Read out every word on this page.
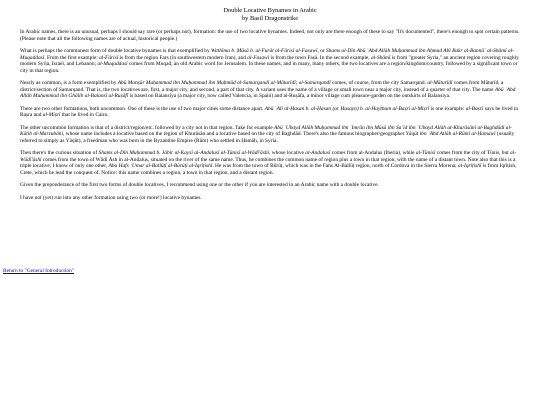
Double Locative Bynames in Arabic
by Basil Dragonstrike

In Arabic names, there is an unusual, perhaps I should say rare (or perhaps not), formation: the use of two locative bynames. Indeed, not only are there enough of these to say "It's documented", there's enough to spot certain patterns. (Please note that all the following names are of actual, historical people.)

What is perhaps the commonest form of double locative bynames is that exemplified by Wathīma b. Mūsā b. al-Furāt al-Fārisī al-Fasawī, or Shams al-Dīn Abū ʿAbd Allāh Muḥammad ibn Aḥmad Abī Bakr al-Bannāʾ al-Shāmī al-Muqaddasī. From the first example: al-Fārisī is from the region Fars (in southwestern modern Iran), and al-Fasawī is from the town Fasā. In the second example, al-Shāmī is from "greater Syria," an ancient region covering roughly modern Syria, Israel, and Lebanon; al-Muqaddasī comes from Muqad, an old Arabic word for Jerusalem. In these names, and in many, many others, the two locatives are a region/kingdom/country, followed by a significant town or city in that region.

Nearly as common, is a form exemplified by Abū Manṣūr Muḥammad ibn Muḥammad ibn Maḥmūd al-Samarqandī al-Māturīdī; al-Samarqandī comes, of course, from the city Samarqand. al-Māturīdī comes from Māturīd, a district/section of Samarqand. That is, the two locatives are, first, a major city, and second, a part of that city. A variant uses the name of a village or small town near a major city, instead of a quarter of that city. The name Abū ʿAbd Allāh Muḥammad ibn Ghālib al-Balansī al-Ruṣāfī is based on Balansiya (a major city, now called Valencia, in Spain) and al-Ruṣāfa, a minor village cum pleasure-garden on the outskirts of Balansiya.

There are two other formations, both uncommon. One of these is the use of two major cities some distance apart. Abū ʿAlī al-Ḥasan b. al-Ḥasan (or Ḥusayn) b. al-Haytham al-Baṣrī al-Miṣrī is one example: al-Baṣrī says he lived in Baṣra and al-Miṣrī that he lived in Cairo.

The other uncommon formation is that of a district/region/etc. followed by a city not in that region. Take for example Abū ʿUbayd Allāh Muḥammad ibn ʿImrān ibn Mūsā ibn Saʿīd ibn ʿUbayd Allāh al-Khurāsānī al-Baghdādī al-Kātib al-Marzubānī, whose name includes a locative based on the region of Khurāsān and a locative based on the city of Baghdād. There's also the famous biographer/geographer Yāqūt ibn ʿAbd Allāh al-Rūmī al-Ḥamawī (usually referred to simply as Yāqūt), a freedman who was born in the Byzantine Empire (Rūm) who settled in Ḥamāh, in Syria.

Then there's the curious situation of Shams al-Dīn Muḥammad b. Jābir al-Kaysī al-Andalusī al-Tūnisī al-Wādī'āshī, whose locative al-Andalusī comes from al-Andalus (Iberia), while al-Tūnisī comes from the city of Tūnis, but al-Wādī'āshī comes from the town of Wādī Āsh in al-Andalus, situated on the river of the same name. Thus, he combines the common name of region plus a town in that region, with the name of a distant town. Note also that this is a triple locative; I know of only one other, Abu Hafs ʿUmar al-Ballūṭī al-Būrūṭī al-Iqrīṭishī. He was from the town of Būrūṭ, which was in the Fahs Al-Ballūṭ region, north of Cordova in the Sierra Morena; al-Iqrīṭishī is from Iqrīṭish, Crete, which he lead the conquest of. Notice: this name combines a region, a town in that region, and a distant region.

Given the preponderance of the first two forms of double locatives, I recommend using one or the other if you are interested in an Arabic name with a double locative.

I have not (yet) run into any other formation using two (or more!) locative bynames.

Return to "General Introduction"
